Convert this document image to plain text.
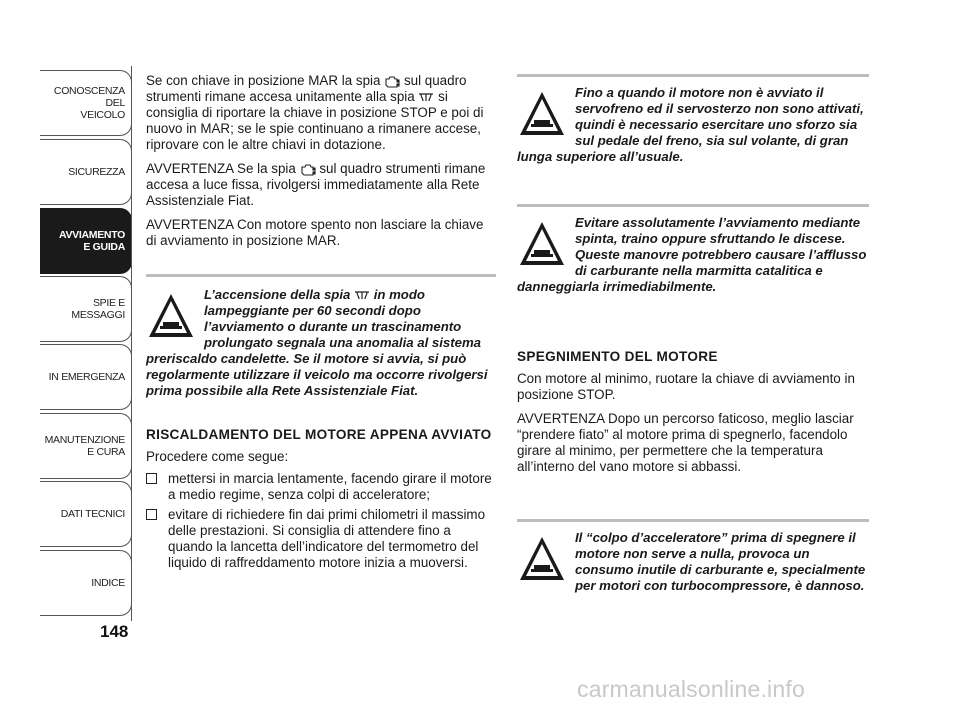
CONOSCENZA
DEL
VEICOLO
SICUREZZA
AVVIAMENTO
E GUIDA
SPIE E
MESSAGGI
IN EMERGENZA
MANUTENZIONE
E CURA
DATI TECNICI
INDICE
148

Se con chiave in posizione MAR la spia sul quadro strumenti rimane accesa unitamente alla spia si consiglia di riportare la chiave in posizione STOP e poi di nuovo in MAR; se le spie continuano a rimanere accese, riprovare con le altre chiavi in dotazione.

AVVERTENZA Se la spia sul quadro strumenti rimane accesa a luce fissa, rivolgersi immediatamente alla Rete Assistenziale Fiat.

AVVERTENZA Con motore spento non lasciare la chiave di avviamento in posizione MAR.

L’accensione della spia in modo lampeggiante per 60 secondi dopo l’avviamento o durante un trascinamento prolungato segnala una anomalia al sistema preriscaldo candelette. Se il motore si avvia, si può regolarmente utilizzare il veicolo ma occorre rivolgersi prima possibile alla Rete Assistenziale Fiat.
RISCALDAMENTO DEL MOTORE APPENA AVVIATO

Procedere come segue:

mettersi in marcia lentamente, facendo girare il motore a medio regime, senza colpi di acceleratore;
evitare di richiedere fin dai primi chilometri il massimo delle prestazioni. Si consiglia di attendere fino a quando la lancetta dell’indicatore del termometro del liquido di raffreddamento motore inizia a muoversi.
Fino a quando il motore non è avviato il servofreno ed il servosterzo non sono attivati, quindi è necessario esercitare uno sforzo sia sul pedale del freno, sia sul volante, di gran lunga superiore all’usuale.
Evitare assolutamente l’avviamento mediante spinta, traino oppure sfruttando le discese. Queste manovre potrebbero causare l’afflusso di carburante nella marmitta catalitica e danneggiarla irrimediabilmente.
SPEGNIMENTO DEL MOTORE

Con motore al minimo, ruotare la chiave di avviamento in posizione STOP.

AVVERTENZA Dopo un percorso faticoso, meglio lasciar “prendere fiato” al motore prima di spegnerlo, facendolo girare al minimo, per permettere che la temperatura all’interno del vano motore si abbassi.

Il “colpo d’acceleratore” prima di spegnere il motore non serve a nulla, provoca un consumo inutile di carburante e, specialmente per motori con turbocompressore, è dannoso.
carmanualsonline.info
